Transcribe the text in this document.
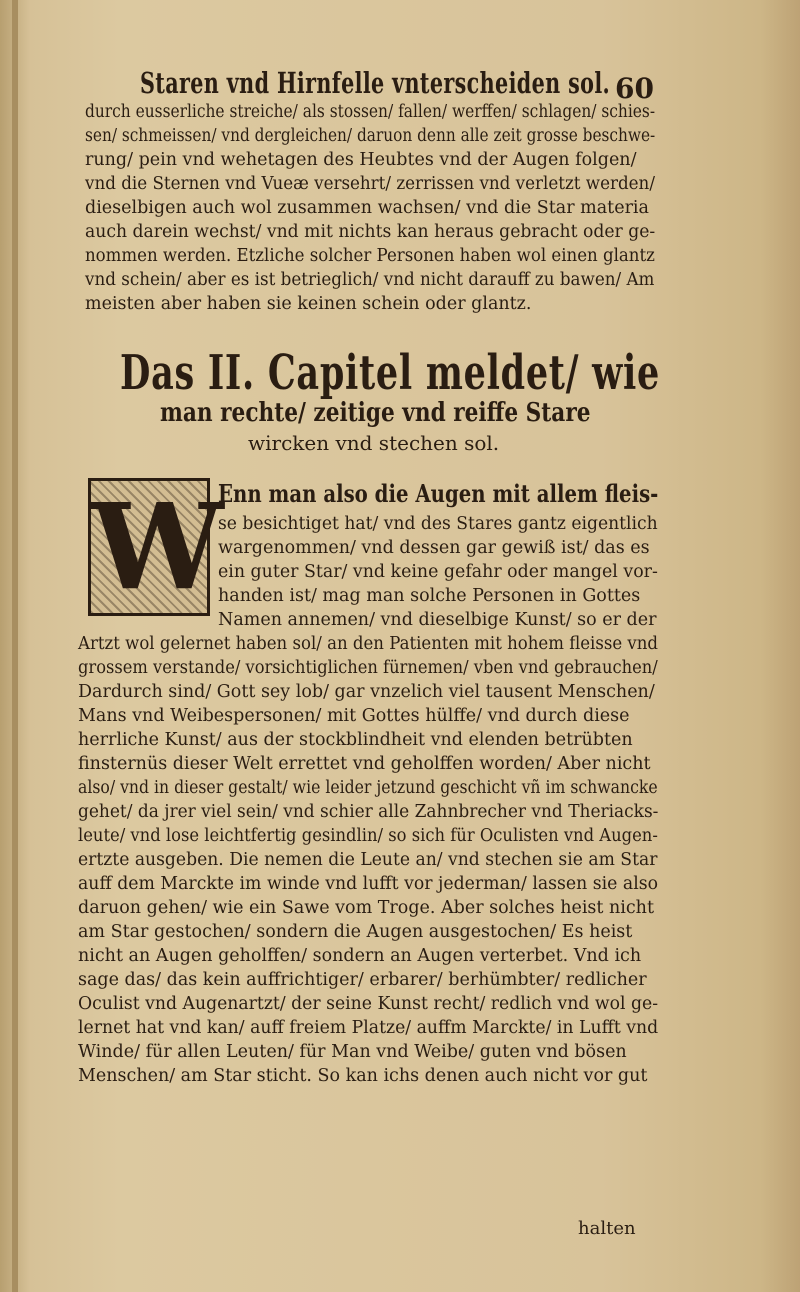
Staren vnd Hirnfelle vnterscheiden sol. 60
durch eusserliche streiche/ als stossen/ fallen/ werffen/ schlagen/ schies-
sen/ schmeissen/ vnd dergleichen/ daruon denn alle zeit grosse beschwe-
rung/ pein vnd wehetagen des Heubtes vnd der Augen folgen/
vnd die Sternen vnd Vueæ versehrt/ zerrissen vnd verletzt werden/
dieselbigen auch wol zusammen wachsen/ vnd die Star materia
auch darein wechst/ vnd mit nichts kan heraus gebracht oder ge-
nommen werden. Etzliche solcher Personen haben wol einen glantz
vnd schein/ aber es ist betrieglich/ vnd nicht darauff zu bawen/ Am
meisten aber haben sie keinen schein oder glantz.
Das II. Capitel meldet/ wie
man rechte/ zeitige vnd reiffe Stare
wircken vnd stechen sol.
W
Enn man also die Augen mit allem fleis-
se besichtiget hat/ vnd des Stares gantz eigentlich
wargenommen/ vnd dessen gar gewiß ist/ das es
ein guter Star/ vnd keine gefahr oder mangel vor-
handen ist/ mag man solche Personen in Gottes
Namen annemen/ vnd dieselbige Kunst/ so er der
Artzt wol gelernet haben sol/ an den Patienten mit hohem fleisse vnd
grossem verstande/ vorsichtiglichen fürnemen/ vben vnd gebrauchen/
Dardurch sind/ Gott sey lob/ gar vnzelich viel tausent Menschen/
Mans vnd Weibespersonen/ mit Gottes hülffe/ vnd durch diese
herrliche Kunst/ aus der stockblindheit vnd elenden betrübten
finsternüs dieser Welt errettet vnd geholffen worden/ Aber nicht
also/ vnd in dieser gestalt/ wie leider jetzund geschicht vñ im schwancke
gehet/ da jrer viel sein/ vnd schier alle Zahnbrecher vnd Theriacks-
leute/ vnd lose leichtfertig gesindlin/ so sich für Oculisten vnd Augen-
ertzte ausgeben. Die nemen die Leute an/ vnd stechen sie am Star
auff dem Marckte im winde vnd lufft vor jederman/ lassen sie also
daruon gehen/ wie ein Sawe vom Troge. Aber solches heist nicht
am Star gestochen/ sondern die Augen ausgestochen/ Es heist
nicht an Augen geholffen/ sondern an Augen verterbet. Vnd ich
sage das/ das kein auffrichtiger/ erbarer/ berhümbter/ redlicher
Oculist vnd Augenartzt/ der seine Kunst recht/ redlich vnd wol ge-
lernet hat vnd kan/ auff freiem Platze/ auffm Marckte/ in Lufft vnd
Winde/ für allen Leuten/ für Man vnd Weibe/ guten vnd bösen
Menschen/ am Star sticht. So kan ichs denen auch nicht vor gut
halten
